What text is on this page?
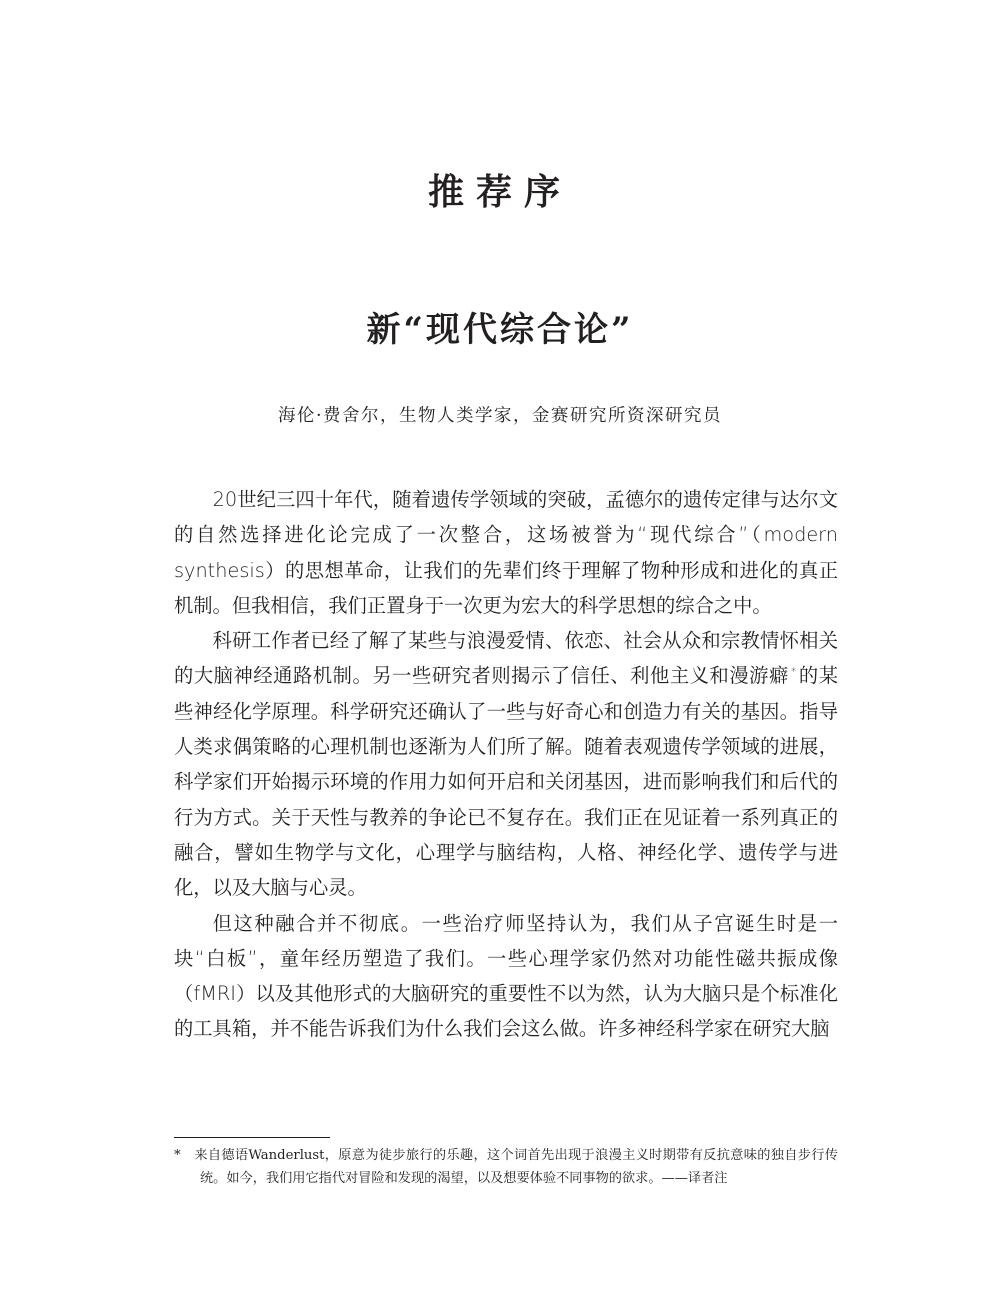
推荐序
新“现代综合论”

海伦·费舍尔，生物人类学家，金赛研究所资深研究员

20世纪三四十年代，随着遗传学领域的突破，孟德尔的遗传定律与达尔文的自然选择进化论完成了一次整合，这场被誉为“现代综合”（modern synthesis）的思想革命，让我们的先辈们终于理解了物种形成和进化的真正机制。但我相信，我们正置身于一次更为宏大的科学思想的综合之中。

科研工作者已经了解了某些与浪漫爱情、依恋、社会从众和宗教情怀相关的大脑神经通路机制。另一些研究者则揭示了信任、利他主义和漫游癖 * 的某些神经化学原理。科学研究还确认了一些与好奇心和创造力有关的基因。指导人类求偶策略的心理机制也逐渐为人们所了解。随着表观遗传学领域的进展，科学家们开始揭示环境的作用力如何开启和关闭基因，进而影响我们和后代的行为方式。关于天性与教养的争论已不复存在。我们正在见证着一系列真正的融合，譬如生物学与文化，心理学与脑结构，人格、神经化学、遗传学与进化，以及大脑与心灵。

但这种融合并不彻底。一些治疗师坚持认为，我们从子宫诞生时是一块“白板”，童年经历塑造了我们。一些心理学家仍然对功能性磁共振成像（fMRI）以及其他形式的大脑研究的重要性不以为然，认为大脑只是个标准化的工具箱，并不能告诉我们为什么我们会这么做。许多神经科学家在研究大脑

* 来自德语Wanderlust，原意为徒步旅行的乐趣，这个词首先出现于浪漫主义时期带有反抗意味的独自步行传统。如今，我们用它指代对冒险和发现的渴望，以及想要体验不同事物的欲求。——译者注
